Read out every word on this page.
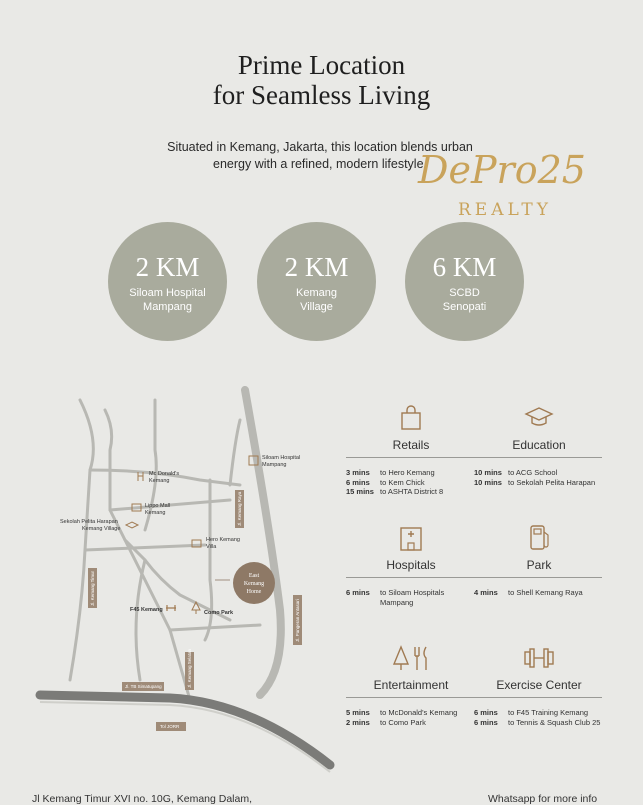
Prime Location
for Seamless Living
Situated in Kemang, Jakarta, this location blends urban
energy with a refined, modern lifestyle.
DePro25
REALTY
2 KM
Siloam Hospital
Mampang
2 KM
Kemang
Village
6 KM
SCBD
Senopati
Jl. Kemang Raya
Jl. Kemang Timur
Jl. Pangeran Antasari
Jl. Kemang Selatan
Jl. TB Simatupang
Tol JORR
Siloam Hospital
Mampang
Mc Donald's
Kemang
Lippo Mall
Kemang
Sekolah Pelita Harapan
Kemang Village
Hero Kemang
Villa
F45 Kemang	Como Park
East
Kemang
Home
Retails
3 mins	to Hero Kemang
6 mins	to Kem Chick
15 mins to ASHTA District 8
Education
10 mins to ACG School
10 mins to Sekolah Pelita Harapan
Hospitals
6 mins	to Siloam Hospitals Mampang
Park
4 mins	to Shell Kemang Raya
Entertainment
5 mins	to McDonald's Kemang
2 mins	to Como Park
Exercise Center
6 mins	to F45 Training Kemang
6 mins	to Tennis & Squash Club 25
Jl Kemang Timur XVI no. 10G, Kemang Dalam,	Whatsapp for more info
